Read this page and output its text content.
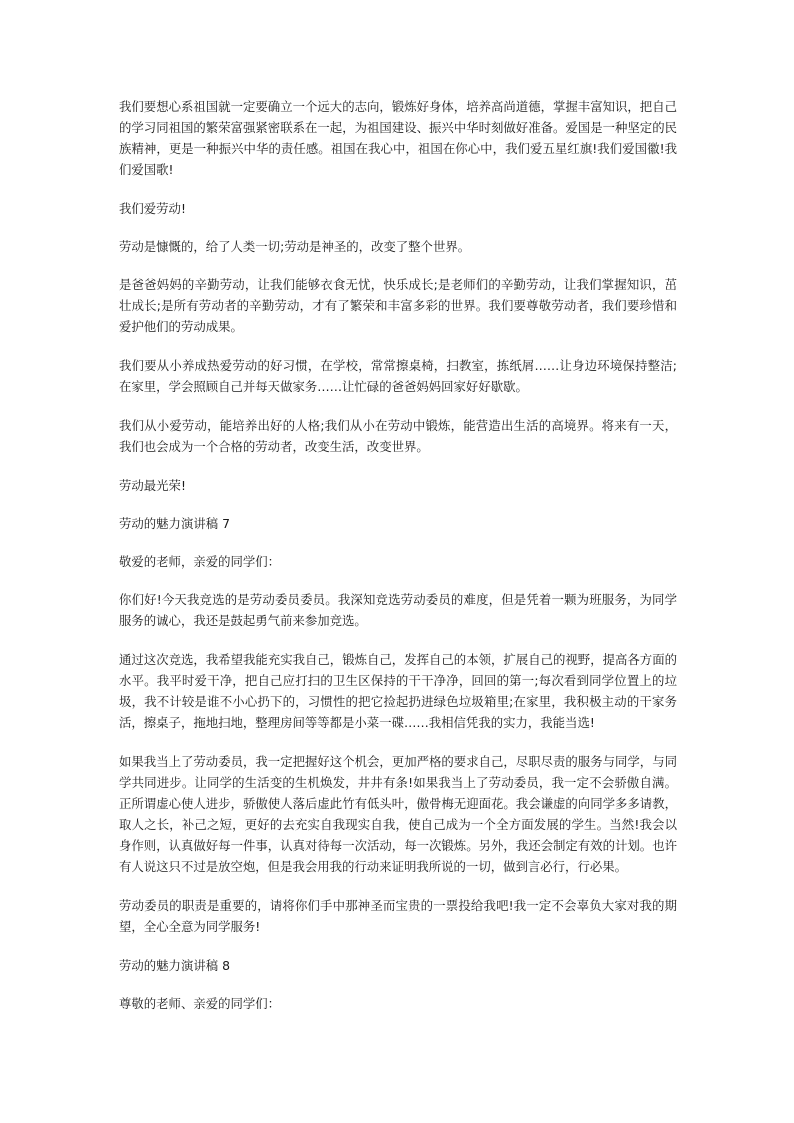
我们要想心系祖国就一定要确立一个远大的志向，锻炼好身体，培养高尚道德，掌握丰富知识，把自己的学习同祖国的繁荣富强紧密联系在一起，为祖国建设、振兴中华时刻做好准备。爱国是一种坚定的民族精神，更是一种振兴中华的责任感。祖国在我心中，祖国在你心中，我们爱五星红旗!我们爱国徽!我们爱国歌!

我们爱劳动!

劳动是慷慨的，给了人类一切;劳动是神圣的，改变了整个世界。

是爸爸妈妈的辛勤劳动，让我们能够衣食无忧，快乐成长;是老师们的辛勤劳动，让我们掌握知识，茁壮成长;是所有劳动者的辛勤劳动，才有了繁荣和丰富多彩的世界。我们要尊敬劳动者，我们要珍惜和爱护他们的劳动成果。

我们要从小养成热爱劳动的好习惯，在学校，常常擦桌椅，扫教室，拣纸屑……让身边环境保持整洁;在家里，学会照顾自己并每天做家务……让忙碌的爸爸妈妈回家好好歇歇。

我们从小爱劳动，能培养出好的人格;我们从小在劳动中锻炼，能营造出生活的高境界。将来有一天，我们也会成为一个合格的劳动者，改变生活，改变世界。

劳动最光荣!

劳动的魅力演讲稿 7

敬爱的老师，亲爱的同学们：

你们好!今天我竞选的是劳动委员委员。我深知竞选劳动委员的难度，但是凭着一颗为班服务，为同学服务的诚心，我还是鼓起勇气前来参加竞选。

通过这次竞选，我希望我能充实我自己，锻炼自己，发挥自己的本领，扩展自己的视野，提高各方面的水平。我平时爱干净，把自己应打扫的卫生区保持的干干净净，回回的第一;每次看到同学位置上的垃圾，我不计较是谁不小心扔下的，习惯性的把它捡起扔进绿色垃圾箱里;在家里，我积极主动的干家务活，擦桌子，拖地扫地，整理房间等等都是小菜一碟……我相信凭我的实力，我能当选!

如果我当上了劳动委员，我一定把握好这个机会，更加严格的要求自己，尽职尽责的服务与同学，与同学共同进步。让同学的生活变的生机焕发，井井有条!如果我当上了劳动委员，我一定不会骄傲自满。正所谓虚心使人进步，骄傲使人落后虚此竹有低头叶，傲骨梅无迎面花。我会谦虚的向同学多多请教，取人之长，补己之短，更好的去充实自我现实自我，使自己成为一个全方面发展的学生。当然!我会以身作则，认真做好每一件事，认真对待每一次活动，每一次锻炼。另外，我还会制定有效的计划。也许有人说这只不过是放空炮，但是我会用我的行动来证明我所说的一切，做到言必行，行必果。

劳动委员的职责是重要的，请将你们手中那神圣而宝贵的一票投给我吧!我一定不会辜负大家对我的期望，全心全意为同学服务!

劳动的魅力演讲稿 8

尊敬的老师、亲爱的同学们：
